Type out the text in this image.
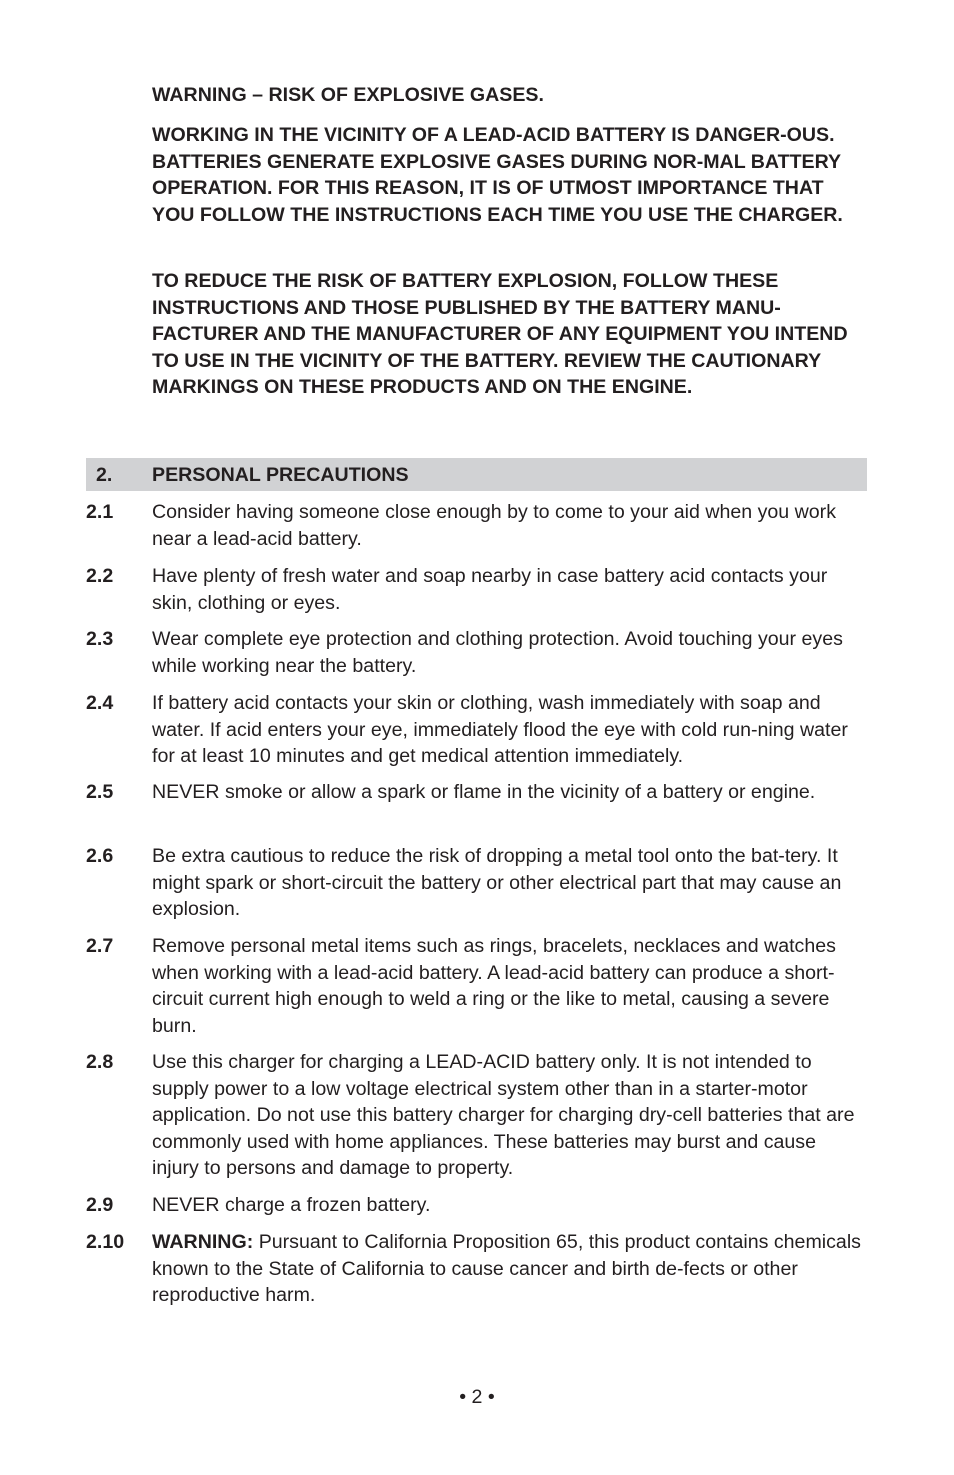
WARNING – RISK OF EXPLOSIVE GASES.

WORKING IN THE VICINITY OF A LEAD-ACID BATTERY IS DANGER-OUS. BATTERIES GENERATE EXPLOSIVE GASES DURING NOR-MAL BATTERY OPERATION. FOR THIS REASON, IT IS OF UTMOST IMPORTANCE THAT YOU FOLLOW THE INSTRUCTIONS EACH TIME YOU USE THE CHARGER.

TO REDUCE THE RISK OF BATTERY EXPLOSION, FOLLOW THESE INSTRUCTIONS AND THOSE PUBLISHED BY THE BATTERY MANU-FACTURER AND THE MANUFACTURER OF ANY EQUIPMENT YOU INTEND TO USE IN THE VICINITY OF THE BATTERY. REVIEW THE CAUTIONARY MARKINGS ON THESE PRODUCTS AND ON THE ENGINE.

2. PERSONAL PRECAUTIONS
2.1 Consider having someone close enough by to come to your aid when you work near a lead-acid battery.

2.2 Have plenty of fresh water and soap nearby in case battery acid contacts your skin, clothing or eyes.

2.3 Wear complete eye protection and clothing protection. Avoid touching your eyes while working near the battery.

2.4 If battery acid contacts your skin or clothing, wash immediately with soap and water. If acid enters your eye, immediately flood the eye with cold run-ning water for at least 10 minutes and get medical attention immediately.

2.5 NEVER smoke or allow a spark or flame in the vicinity of a battery or engine.

2.6 Be extra cautious to reduce the risk of dropping a metal tool onto the bat-tery. It might spark or short-circuit the battery or other electrical part that may cause an explosion.

2.7 Remove personal metal items such as rings, bracelets, necklaces and watches when working with a lead-acid battery. A lead-acid battery can produce a short-circuit current high enough to weld a ring or the like to metal, causing a severe burn.

2.8 Use this charger for charging a LEAD-ACID battery only. It is not intended to supply power to a low voltage electrical system other than in a starter-motor application. Do not use this battery charger for charging dry-cell batteries that are commonly used with home appliances. These batteries may burst and cause injury to persons and damage to property.

2.9 NEVER charge a frozen battery.

2.10 WARNING: Pursuant to California Proposition 65, this product contains chemicals known to the State of California to cause cancer and birth de-fects or other reproductive harm.

• 2 •
